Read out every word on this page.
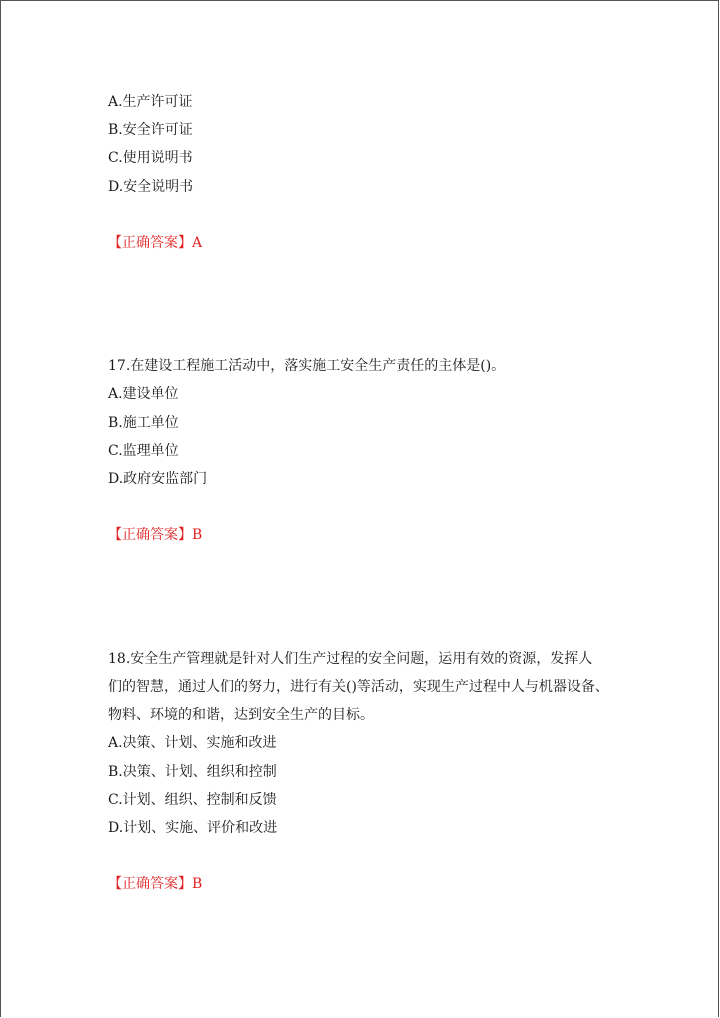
A.生产许可证
B.安全许可证
C.使用说明书
D.安全说明书
【正确答案】A
17.在建设工程施工活动中，落实施工安全生产责任的主体是()。
A.建设单位
B.施工单位
C.监理单位
D.政府安监部门
【正确答案】B
18.安全生产管理就是针对人们生产过程的安全问题，运用有效的资源，发挥人
们的智慧，通过人们的努力，进行有关()等活动，实现生产过程中人与机器设备、
物料、环境的和谐，达到安全生产的目标。
A.决策、计划、实施和改进
B.决策、计划、组织和控制
C.计划、组织、控制和反馈
D.计划、实施、评价和改进
【正确答案】B
